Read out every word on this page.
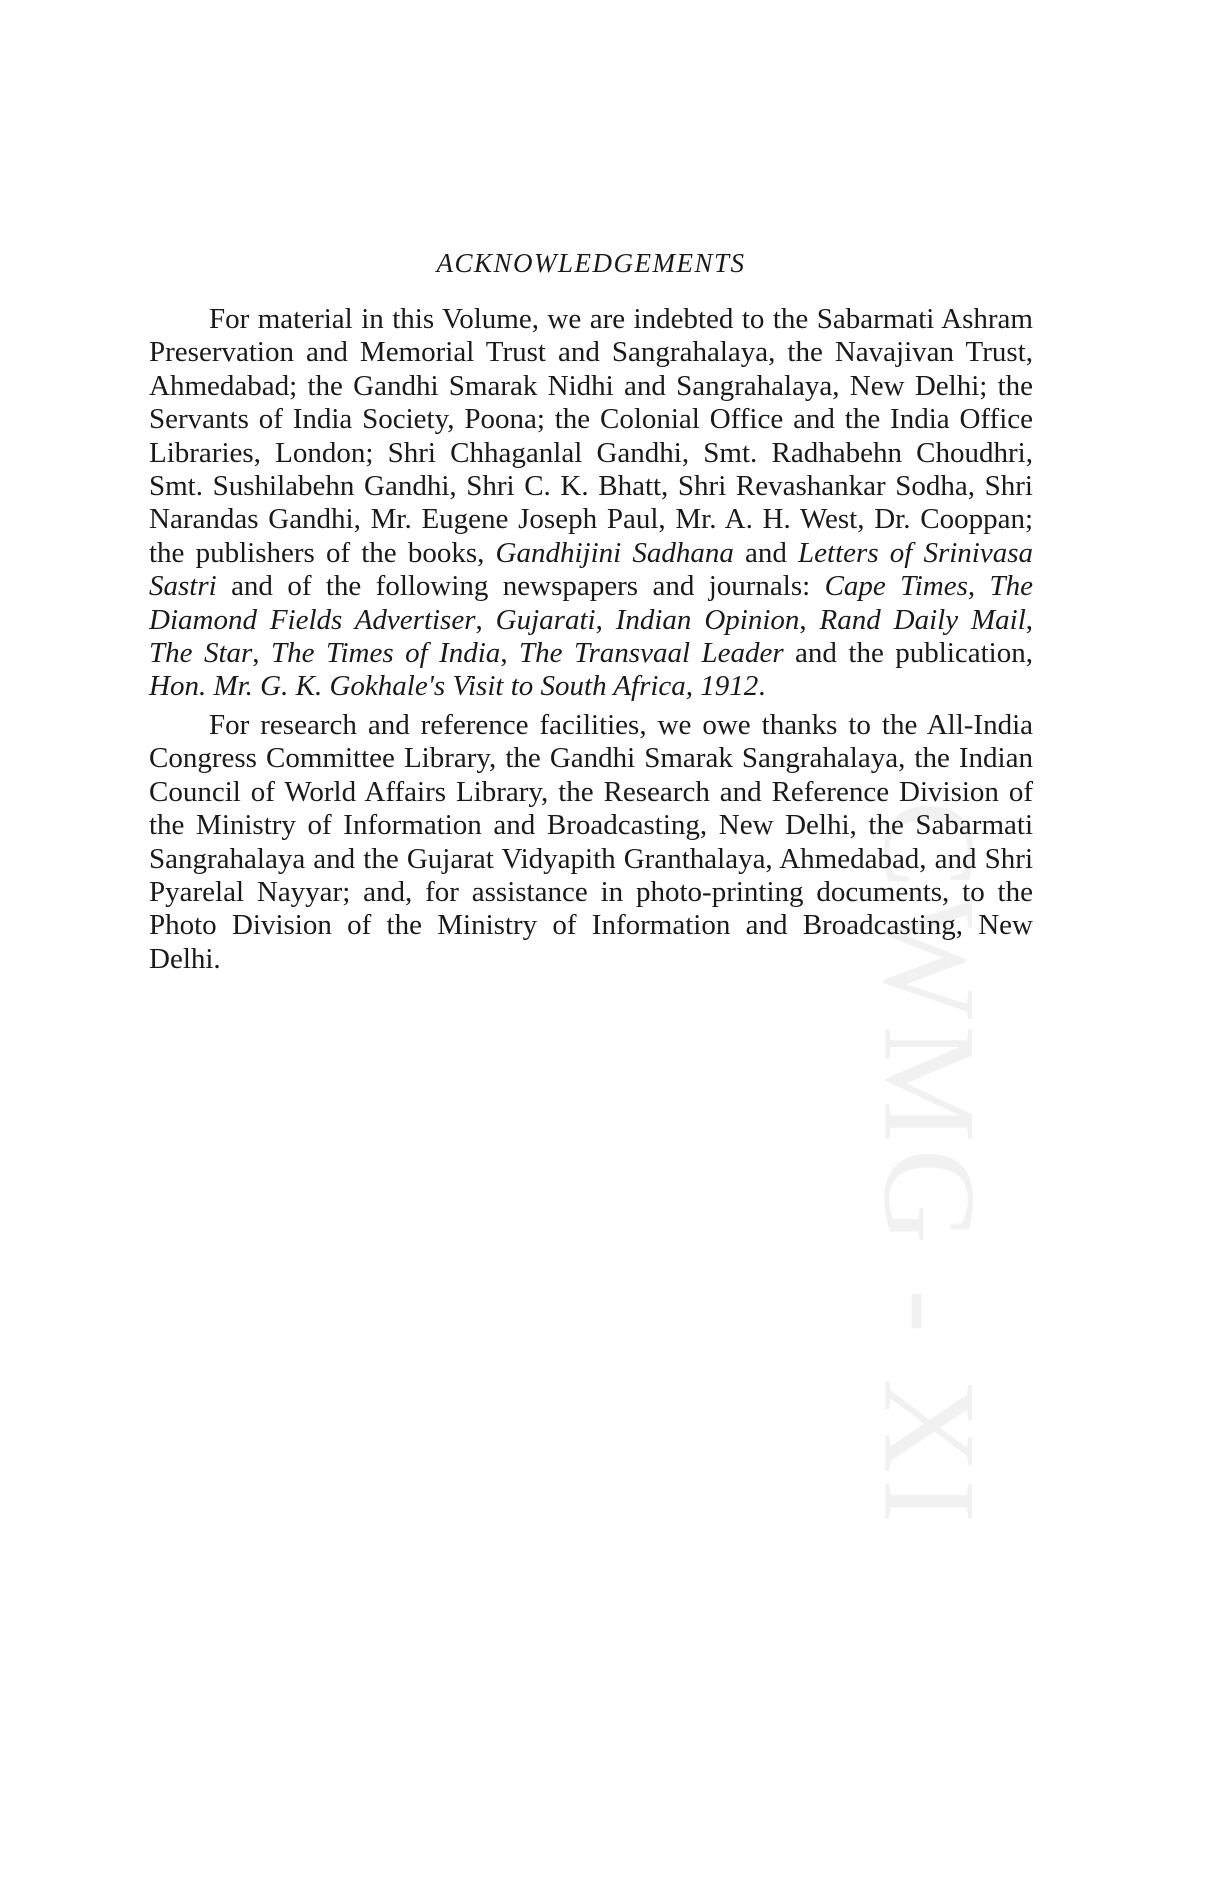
CWMG - XI
ACKNOWLEDGEMENTS

For material in this Volume, we are indebted to the Sabarmati Ashram Preservation and Memorial Trust and Sangrahalaya, the Navajivan Trust, Ahmedabad; the Gandhi Smarak Nidhi and Sangrahalaya, New Delhi; the Servants of India Society, Poona; the Colonial Office and the India Office Libraries, London; Shri Chhaganlal Gandhi, Smt. Radhabehn Choudhri, Smt. Sushilabehn Gandhi, Shri C. K. Bhatt, Shri Revashankar Sodha, Shri Narandas Gandhi, Mr. Eugene Joseph Paul, Mr. A. H. West, Dr. Cooppan; the publishers of the books, Gandhijini Sadhana and Letters of Srinivasa Sastri and of the following newspapers and journals: Cape Times, The Diamond Fields Advertiser, Gujarati, Indian Opinion, Rand Daily Mail, The Star, The Times of India, The Transvaal Leader and the publication, Hon. Mr. G. K. Gokhale's Visit to South Africa, 1912.

For research and reference facilities, we owe thanks to the All-India Congress Committee Library, the Gandhi Smarak Sangrahalaya, the Indian Council of World Affairs Library, the Research and Reference Division of the Ministry of Information and Broadcasting, New Delhi, the Sabarmati Sangrahalaya and the Gujarat Vidyapith Granthalaya, Ahmedabad, and Shri Pyarelal Nayyar; and, for assistance in photo-printing documents, to the Photo Division of the Ministry of Information and Broadcasting, New Delhi.
